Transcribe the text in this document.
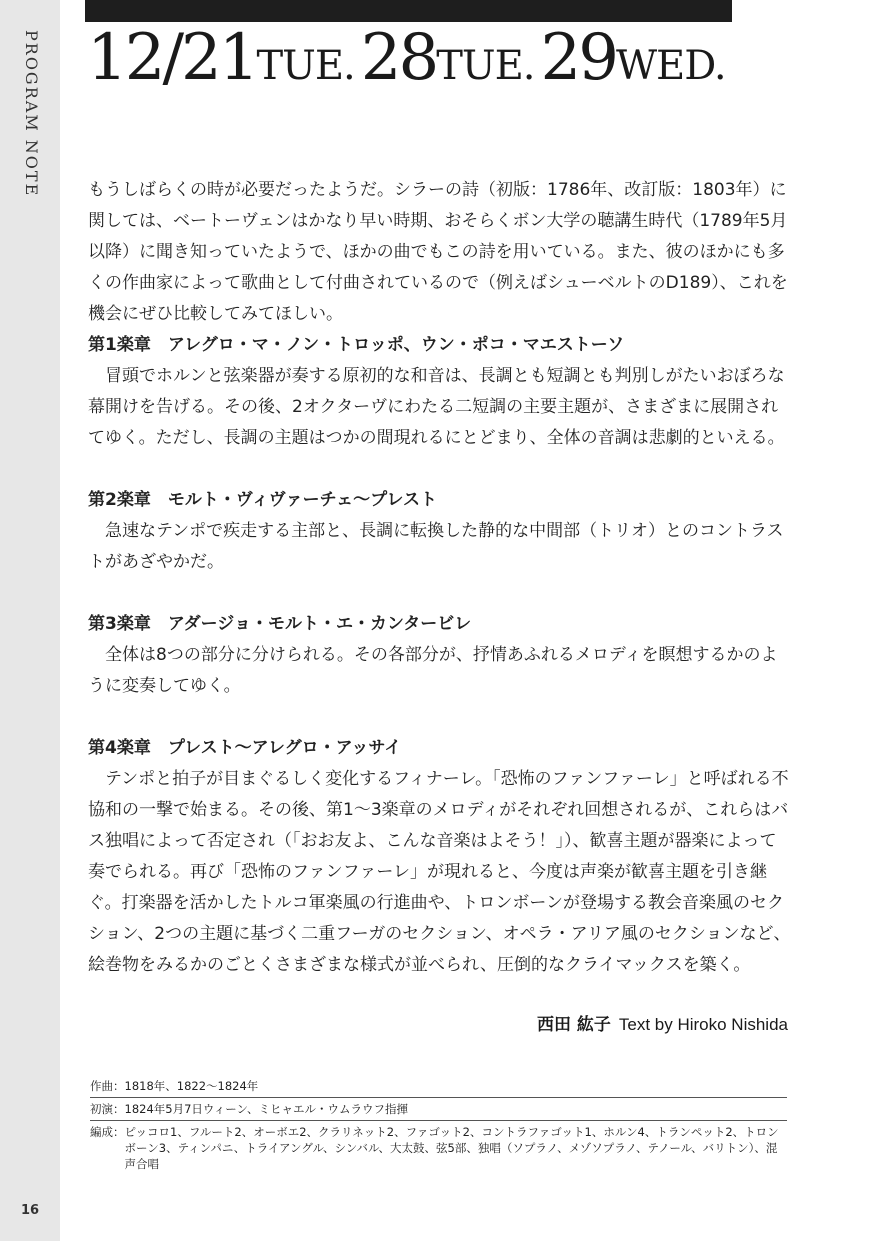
PROGRAM NOTE
16
12/21TUE.28TUE.29WED.

もうしばらくの時が必要だったようだ。シラーの詩（初版：1786年、改訂版：1803年）に関しては、ベートーヴェンはかなり早い時期、おそらくボン大学の聴講生時代（1789年5月以降）に聞き知っていたようで、ほかの曲でもこの詩を用いている。また、彼のほかにも多くの作曲家によって歌曲として付曲されているので（例えばシューベルトのD189）、これを機会にぜひ比較してみてほしい。

第1楽章　アレグロ・マ・ノン・トロッポ、ウン・ポコ・マエストーソ

冒頭でホルンと弦楽器が奏する原初的な和音は、長調とも短調とも判別しがたいおぼろな幕開けを告げる。その後、2オクターヴにわたる二短調の主要主題が、さまざまに展開されてゆく。ただし、長調の主題はつかの間現れるにとどまり、全体の音調は悲劇的といえる。

第2楽章　モルト・ヴィヴァーチェ〜プレスト

急速なテンポで疾走する主部と、長調に転換した静的な中間部（トリオ）とのコントラストがあざやかだ。

第3楽章　アダージョ・モルト・エ・カンタービレ

全体は8つの部分に分けられる。その各部分が、抒情あふれるメロディを瞑想するかのように変奏してゆく。

第4楽章　プレスト〜アレグロ・アッサイ

テンポと拍子が目まぐるしく変化するフィナーレ。「恐怖のファンファーレ」と呼ばれる不協和の一撃で始まる。その後、第1〜3楽章のメロディがそれぞれ回想されるが、これらはバス独唱によって否定され（「おお友よ、こんな音楽はよそう！」）、歓喜主題が器楽によって奏でられる。再び「恐怖のファンファーレ」が現れると、今度は声楽が歓喜主題を引き継ぐ。打楽器を活かしたトルコ軍楽風の行進曲や、トロンボーンが登場する教会音楽風のセクション、2つの主題に基づく二重フーガのセクション、オペラ・アリア風のセクションなど、絵巻物をみるかのごとくさまざまな様式が並べられ、圧倒的なクライマックスを築く。

西田 紘子 Text by Hiroko Nishida
作曲：1818年、1822〜1824年
初演：1824年5月7日ウィーン、ミヒャエル・ウムラウフ指揮
編成： ピッコロ1、フルート2、オーボエ2、クラリネット2、ファゴット2、コントラファゴット1、ホルン4、トランペット2、トロンボーン3、ティンパニ、トライアングル、シンバル、大太鼓、弦5部、独唱（ソプラノ、メゾソプラノ、テノール、バリトン）、混声合唱
